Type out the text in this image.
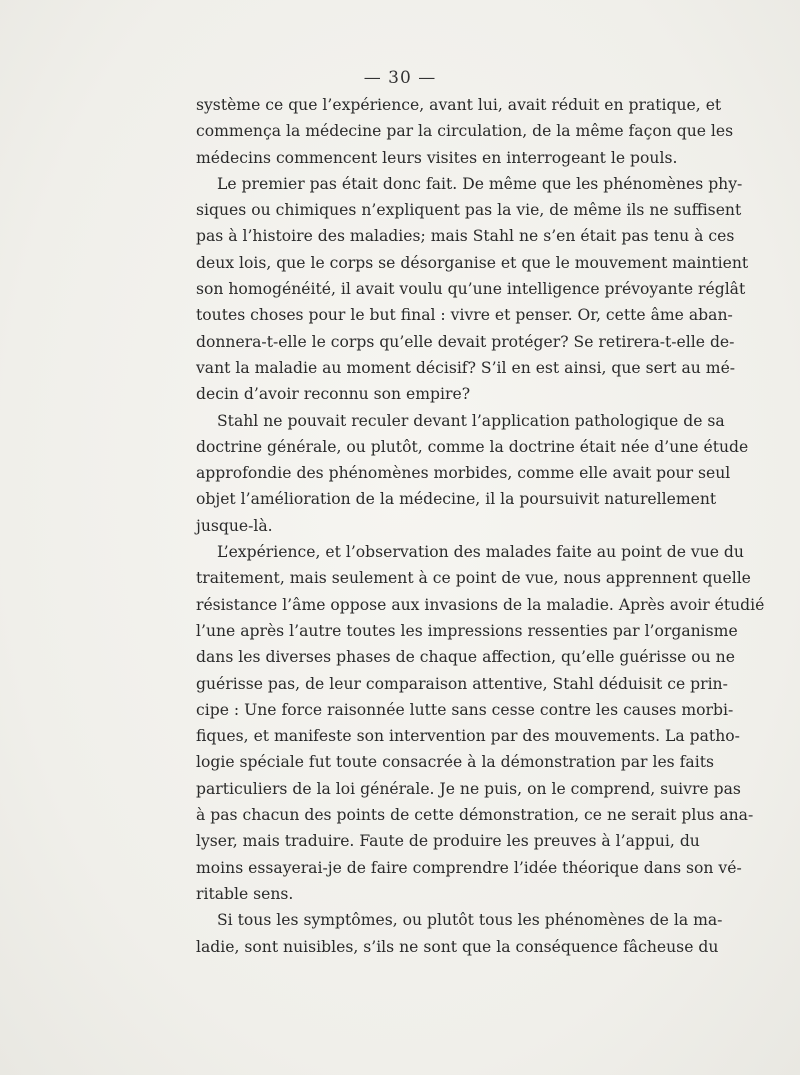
— 30 —
système ce que l’expérience, avant lui, avait réduit en pratique, et
commença la médecine par la circulation, de la même façon que les
médecins commencent leurs visites en interrogeant le pouls.
Le premier pas était donc fait. De même que les phénomènes phy-
siques ou chimiques n’expliquent pas la vie, de même ils ne suffisent
pas à l’histoire des maladies; mais Stahl ne s’en était pas tenu à ces
deux lois, que le corps se désorganise et que le mouvement maintient
son homogénéité, il avait voulu qu’une intelligence prévoyante réglât
toutes choses pour le but final : vivre et penser. Or, cette âme aban-
donnera-t-elle le corps qu’elle devait protéger? Se retirera-t-elle de-
vant la maladie au moment décisif? S’il en est ainsi, que sert au mé-
decin d’avoir reconnu son empire?
Stahl ne pouvait reculer devant l’application pathologique de sa
doctrine générale, ou plutôt, comme la doctrine était née d’une étude
approfondie des phénomènes morbides, comme elle avait pour seul
objet l’amélioration de la médecine, il la poursuivit naturellement
jusque-là.
L’expérience, et l’observation des malades faite au point de vue du
traitement, mais seulement à ce point de vue, nous apprennent quelle
résistance l’âme oppose aux invasions de la maladie. Après avoir étudié
l’une après l’autre toutes les impressions ressenties par l’organisme
dans les diverses phases de chaque affection, qu’elle guérisse ou ne
guérisse pas, de leur comparaison attentive, Stahl déduisit ce prin-
cipe : Une force raisonnée lutte sans cesse contre les causes morbi-
fiques, et manifeste son intervention par des mouvements. La patho-
logie spéciale fut toute consacrée à la démonstration par les faits
particuliers de la loi générale. Je ne puis, on le comprend, suivre pas
à pas chacun des points de cette démonstration, ce ne serait plus ana-
lyser, mais traduire. Faute de produire les preuves à l’appui, du
moins essayerai-je de faire comprendre l’idée théorique dans son vé-
ritable sens.
Si tous les symptômes, ou plutôt tous les phénomènes de la ma-
ladie, sont nuisibles, s’ils ne sont que la conséquence fâcheuse du
